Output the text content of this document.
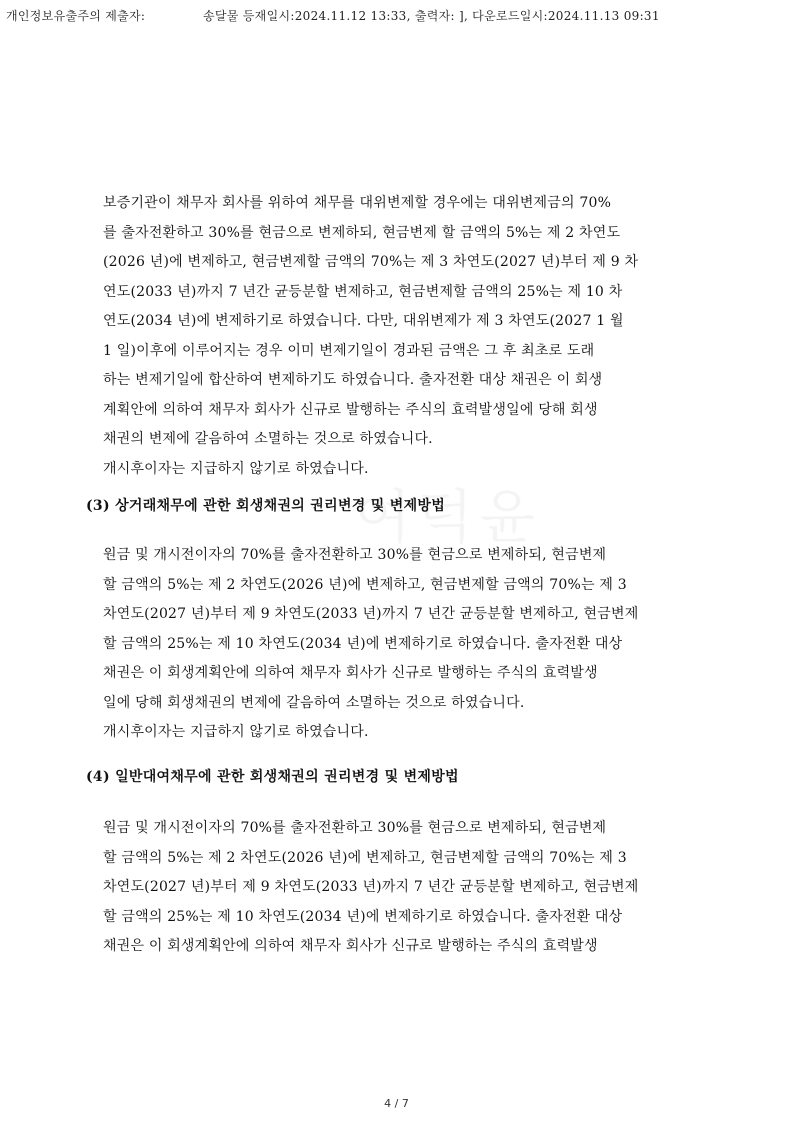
개인정보유출주의 제출자:	송달물 등재일시:2024.11.12 13:33, 출력자: ], 다운로드일시:2024.11.13 09:31
보증기관이 채무자 회사를 위하여 채무를 대위변제할 경우에는 대위변제금의 70%
를 출자전환하고 30%를 현금으로 변제하되, 현금변제 할 금액의 5%는 제 2 차연도
(2026 년)에 변제하고, 현금변제할 금액의 70%는 제 3 차연도(2027 년)부터 제 9 차
연도(2033 년)까지 7 년간 균등분할 변제하고, 현금변제할 금액의 25%는 제 10 차
연도(2034 년)에 변제하기로 하였습니다. 다만, 대위변제가 제 3 차연도(2027 1 월
1 일)이후에 이루어지는 경우 이미 변제기일이 경과된 금액은 그 후 최초로 도래
하는 변제기일에 합산하여 변제하기도 하였습니다. 출자전환 대상 채권은 이 회생
계획안에 의하여 채무자 회사가 신규로 발행하는 주식의 효력발생일에 당해 회생
채권의 변제에 갈음하여 소멸하는 것으로 하였습니다.
개시후이자는 지급하지 않기로 하였습니다.
(3) 상거래채무에 관한 회생채권의 권리변경 및 변제방법
원금 및 개시전이자의 70%를 출자전환하고 30%를 현금으로 변제하되, 현금변제
할 금액의 5%는 제 2 차연도(2026 년)에 변제하고, 현금변제할 금액의 70%는 제 3
차연도(2027 년)부터 제 9 차연도(2033 년)까지 7 년간 균등분할 변제하고, 현금변제
할 금액의 25%는 제 10 차연도(2034 년)에 변제하기로 하였습니다. 출자전환 대상
채권은 이 회생계획안에 의하여 채무자 회사가 신규로 발행하는 주식의 효력발생
일에 당해 회생채권의 변제에 갈음하여 소멸하는 것으로 하였습니다.
개시후이자는 지급하지 않기로 하였습니다.
(4) 일반대여채무에 관한 회생채권의 권리변경 및 변제방법
원금 및 개시전이자의 70%를 출자전환하고 30%를 현금으로 변제하되, 현금변제
할 금액의 5%는 제 2 차연도(2026 년)에 변제하고, 현금변제할 금액의 70%는 제 3
차연도(2027 년)부터 제 9 차연도(2033 년)까지 7 년간 균등분할 변제하고, 현금변제
할 금액의 25%는 제 10 차연도(2034 년)에 변제하기로 하였습니다. 출자전환 대상
채권은 이 회생계획안에 의하여 채무자 회사가 신규로 발행하는 주식의 효력발생
4 / 7
